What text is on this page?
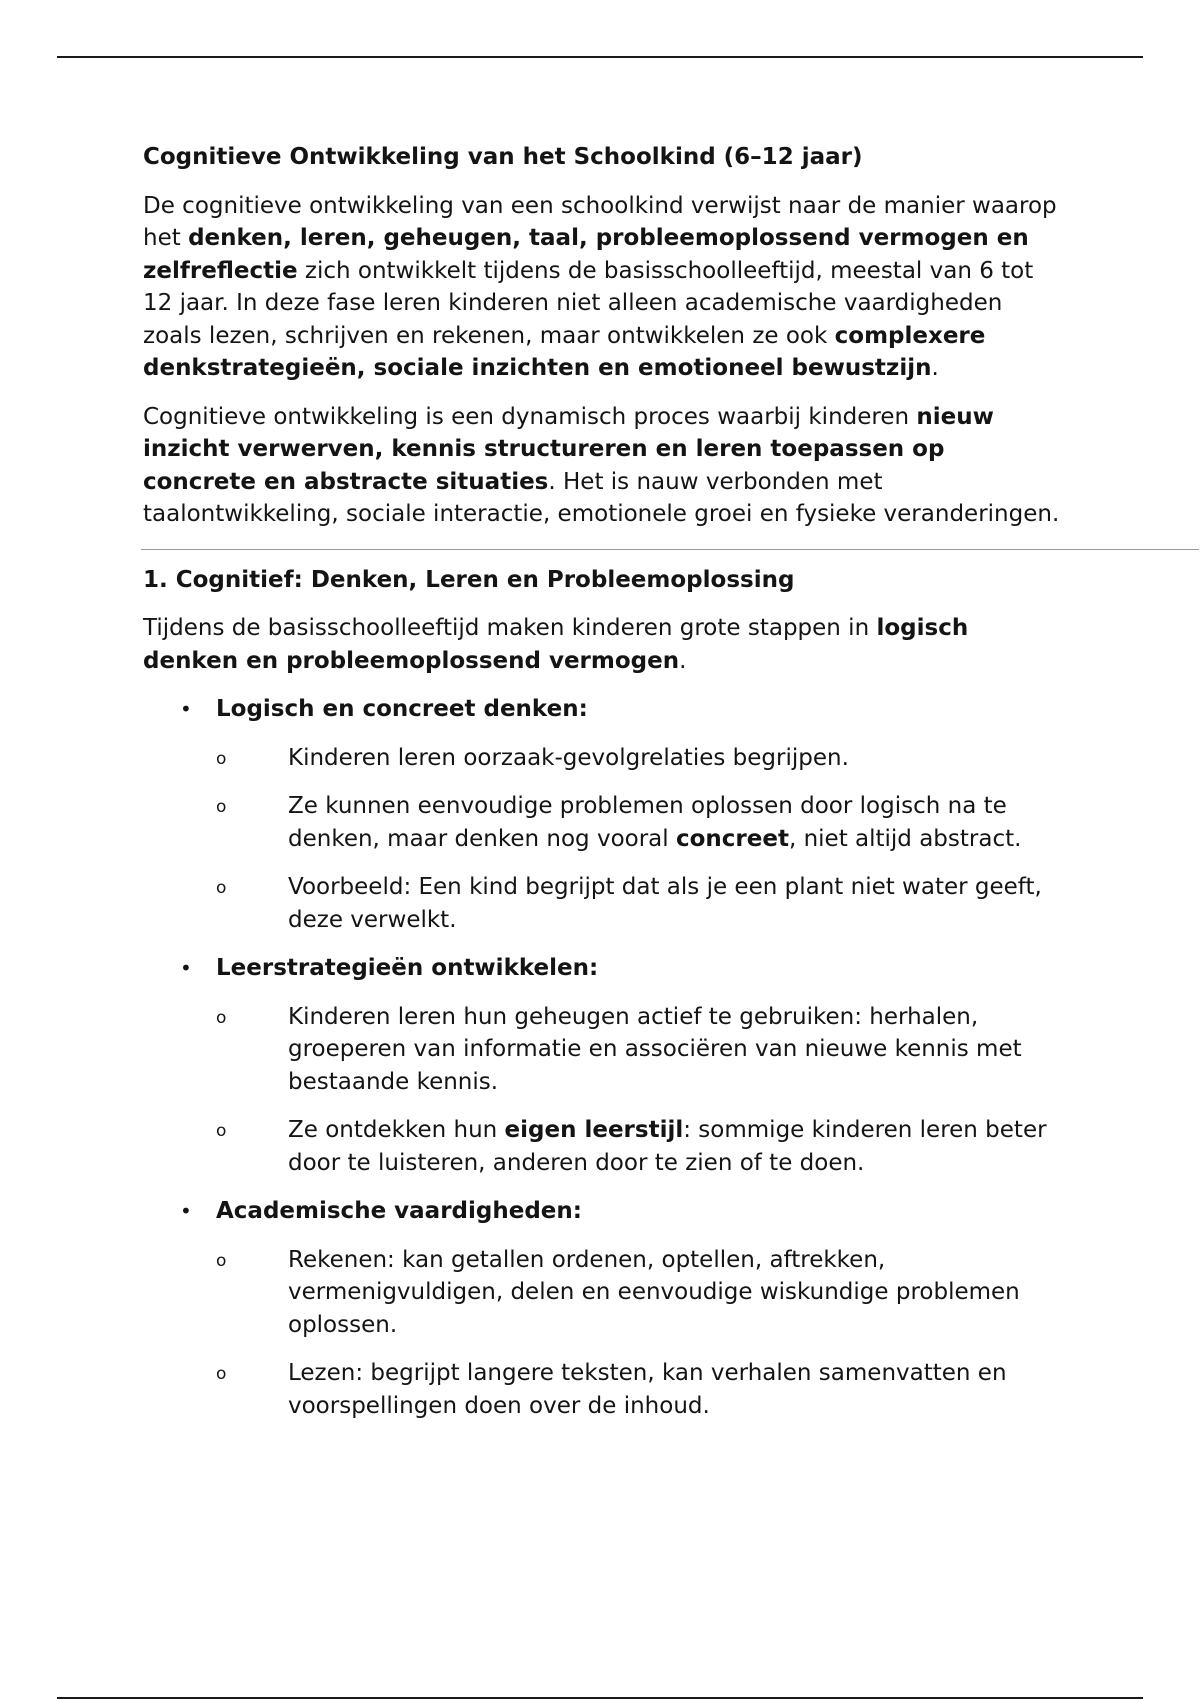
Cognitieve Ontwikkeling van het Schoolkind (6–12 jaar)

De cognitieve ontwikkeling van een schoolkind verwijst naar de manier waarop het denken, leren, geheugen, taal, probleemoplossend vermogen en zelfreflectie zich ontwikkelt tijdens de basisschoolleeftijd, meestal van 6 tot 12 jaar. In deze fase leren kinderen niet alleen academische vaardigheden zoals lezen, schrijven en rekenen, maar ontwikkelen ze ook complexere denkstrategieën, sociale inzichten en emotioneel bewustzijn.

Cognitieve ontwikkeling is een dynamisch proces waarbij kinderen nieuw inzicht verwerven, kennis structureren en leren toepassen op concrete en abstracte situaties. Het is nauw verbonden met taalontwikkeling, sociale interactie, emotionele groei en fysieke veranderingen.

1. Cognitief: Denken, Leren en Probleemoplossing

Tijdens de basisschoolleeftijd maken kinderen grote stappen in logisch denken en probleemoplossend vermogen.

• Logisch en concreet denken:
o	Kinderen leren oorzaak-gevolgrelaties begrijpen.
o	Ze kunnen eenvoudige problemen oplossen door logisch na te denken, maar denken nog vooral concreet, niet altijd abstract.
o	Voorbeeld: Een kind begrijpt dat als je een plant niet water geeft, deze verwelkt.
• Leerstrategieën ontwikkelen:
o	Kinderen leren hun geheugen actief te gebruiken: herhalen, groeperen van informatie en associëren van nieuwe kennis met bestaande kennis.
o	Ze ontdekken hun eigen leerstijl: sommige kinderen leren beter door te luisteren, anderen door te zien of te doen.
• Academische vaardigheden:
o	Rekenen: kan getallen ordenen, optellen, aftrekken, vermenigvuldigen, delen en eenvoudige wiskundige problemen oplossen.
o	Lezen: begrijpt langere teksten, kan verhalen samenvatten en voorspellingen doen over de inhoud.
